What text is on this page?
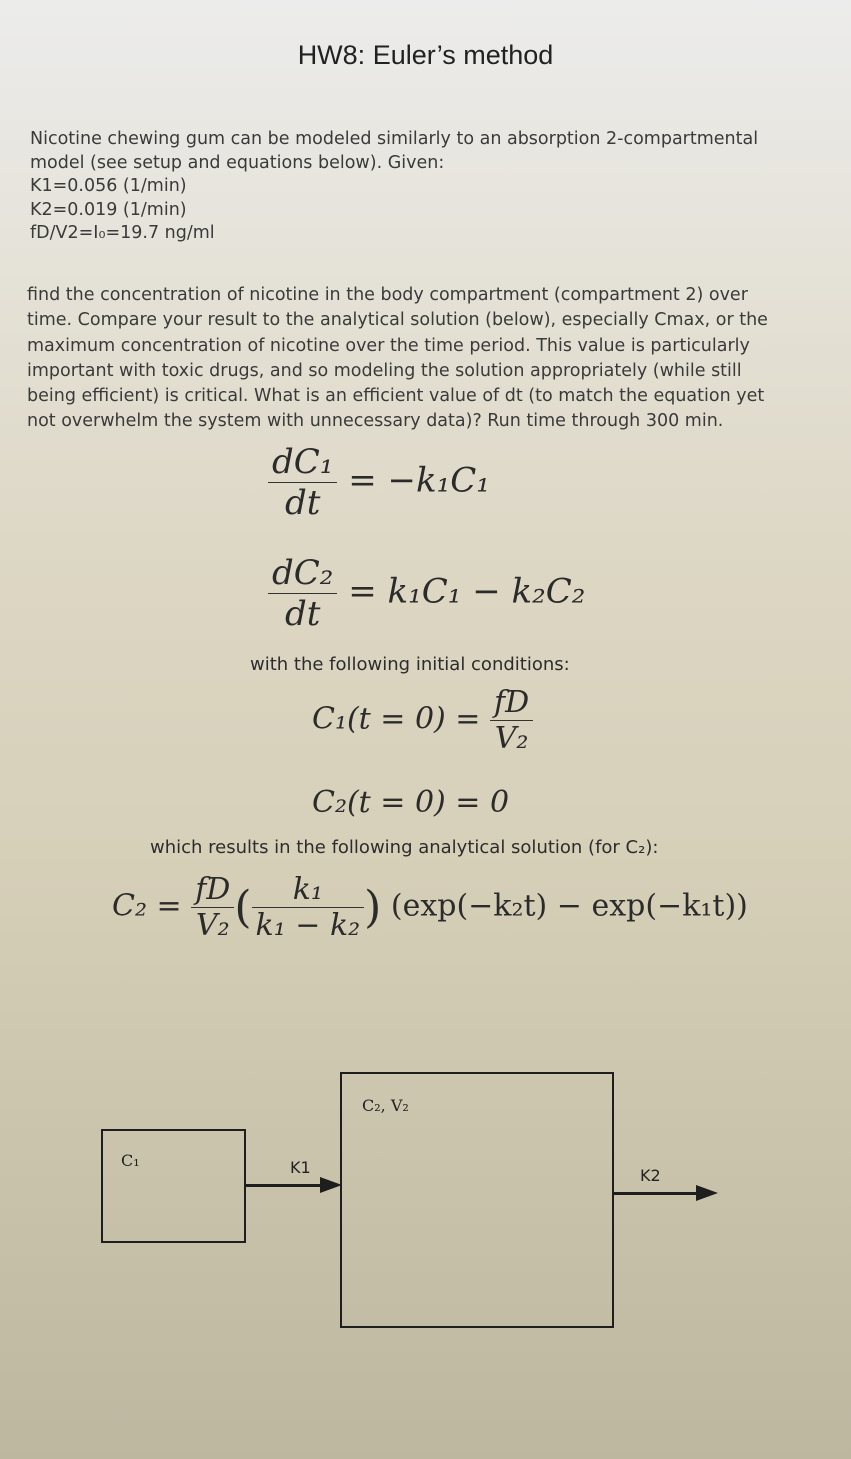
HW8: Euler’s method
Nicotine chewing gum can be modeled similarly to an absorption 2-compartmental
model (see setup and equations below). Given:
K1=0.056 (1/min)
K2=0.019 (1/min)
fD/V2=I₀=19.7 ng/ml
find the concentration of nicotine in the body compartment (compartment 2) over
time. Compare your result to the analytical solution (below), especially Cmax, or the
maximum concentration of nicotine over the time period. This value is particularly
important with toxic drugs, and so modeling the solution appropriately (while still
being efficient) is critical. What is an efficient value of dt (to match the equation yet
not overwhelm the system with unnecessary data)? Run time through 300 min.
$\frac{\text{dC₁}}{dt} = -k_1C_1$
$\frac{\text{dC₂}}{dt} = k_1C_1 - k_2C_2$
with the following initial conditions:
$C_1(t = 0) = \frac{fD}{\text{V₂}}$
C₂(t = 0) = 0
which results in the following analytical solution (for C₂):
$C_2 = \frac{fD}{\text{V₂}}$ ( $\frac{\text{k₁}}{\text{k₁ − k₂}}$ ) (exp(−k₂t) − exp(−k₁t))
C₁
C₂, V₂
K1	K2
